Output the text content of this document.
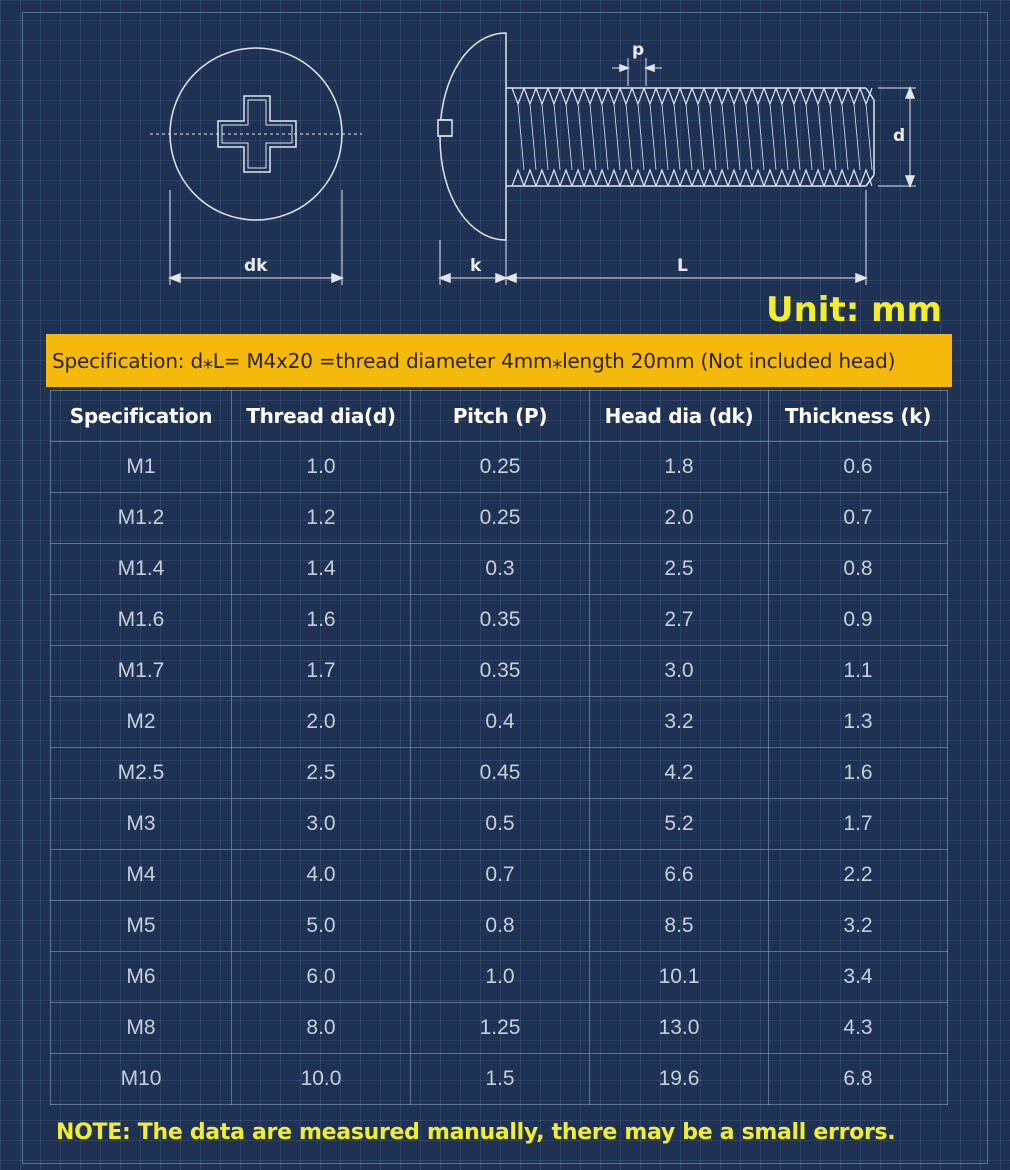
dk	k	L
p
d
Unit: mm
Specification: d⁎L= M4x20 =thread diameter 4mm⁎length 20mm (Not included head)
Specification	Thread dia(d)	Pitch (P)	Head dia (dk)	Thickness (k)
M1	1.0	0.25	1.8	0.6
M1.2	1.2	0.25	2.0	0.7
M1.4	1.4	0.3	2.5	0.8
M1.6	1.6	0.35	2.7	0.9
M1.7	1.7	0.35	3.0	1.1
M2	2.0	0.4	3.2	1.3
M2.5	2.5	0.45	4.2	1.6
M3	3.0	0.5	5.2	1.7
M4	4.0	0.7	6.6	2.2
M5	5.0	0.8	8.5	3.2
M6	6.0	1.0	10.1	3.4
M8	8.0	1.25	13.0	4.3
M10	10.0	1.5	19.6	6.8
NOTE: The data are measured manually, there may be a small errors.
